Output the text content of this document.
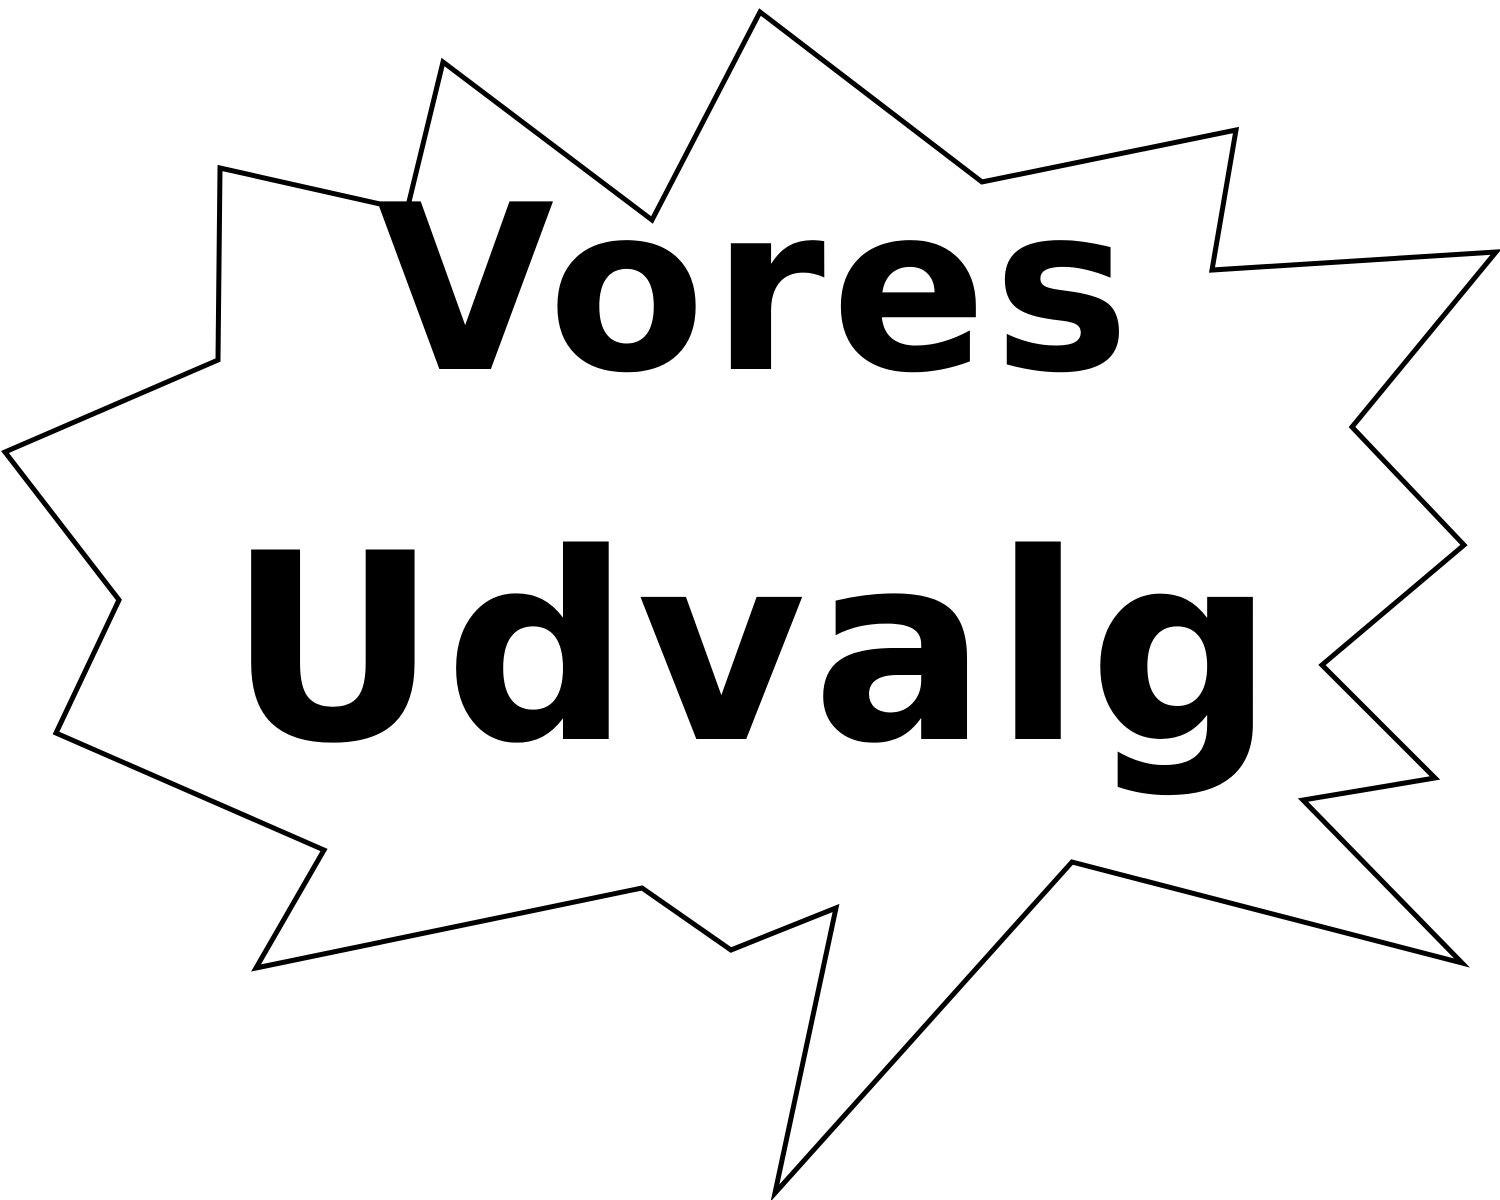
Vores
Udvalg
